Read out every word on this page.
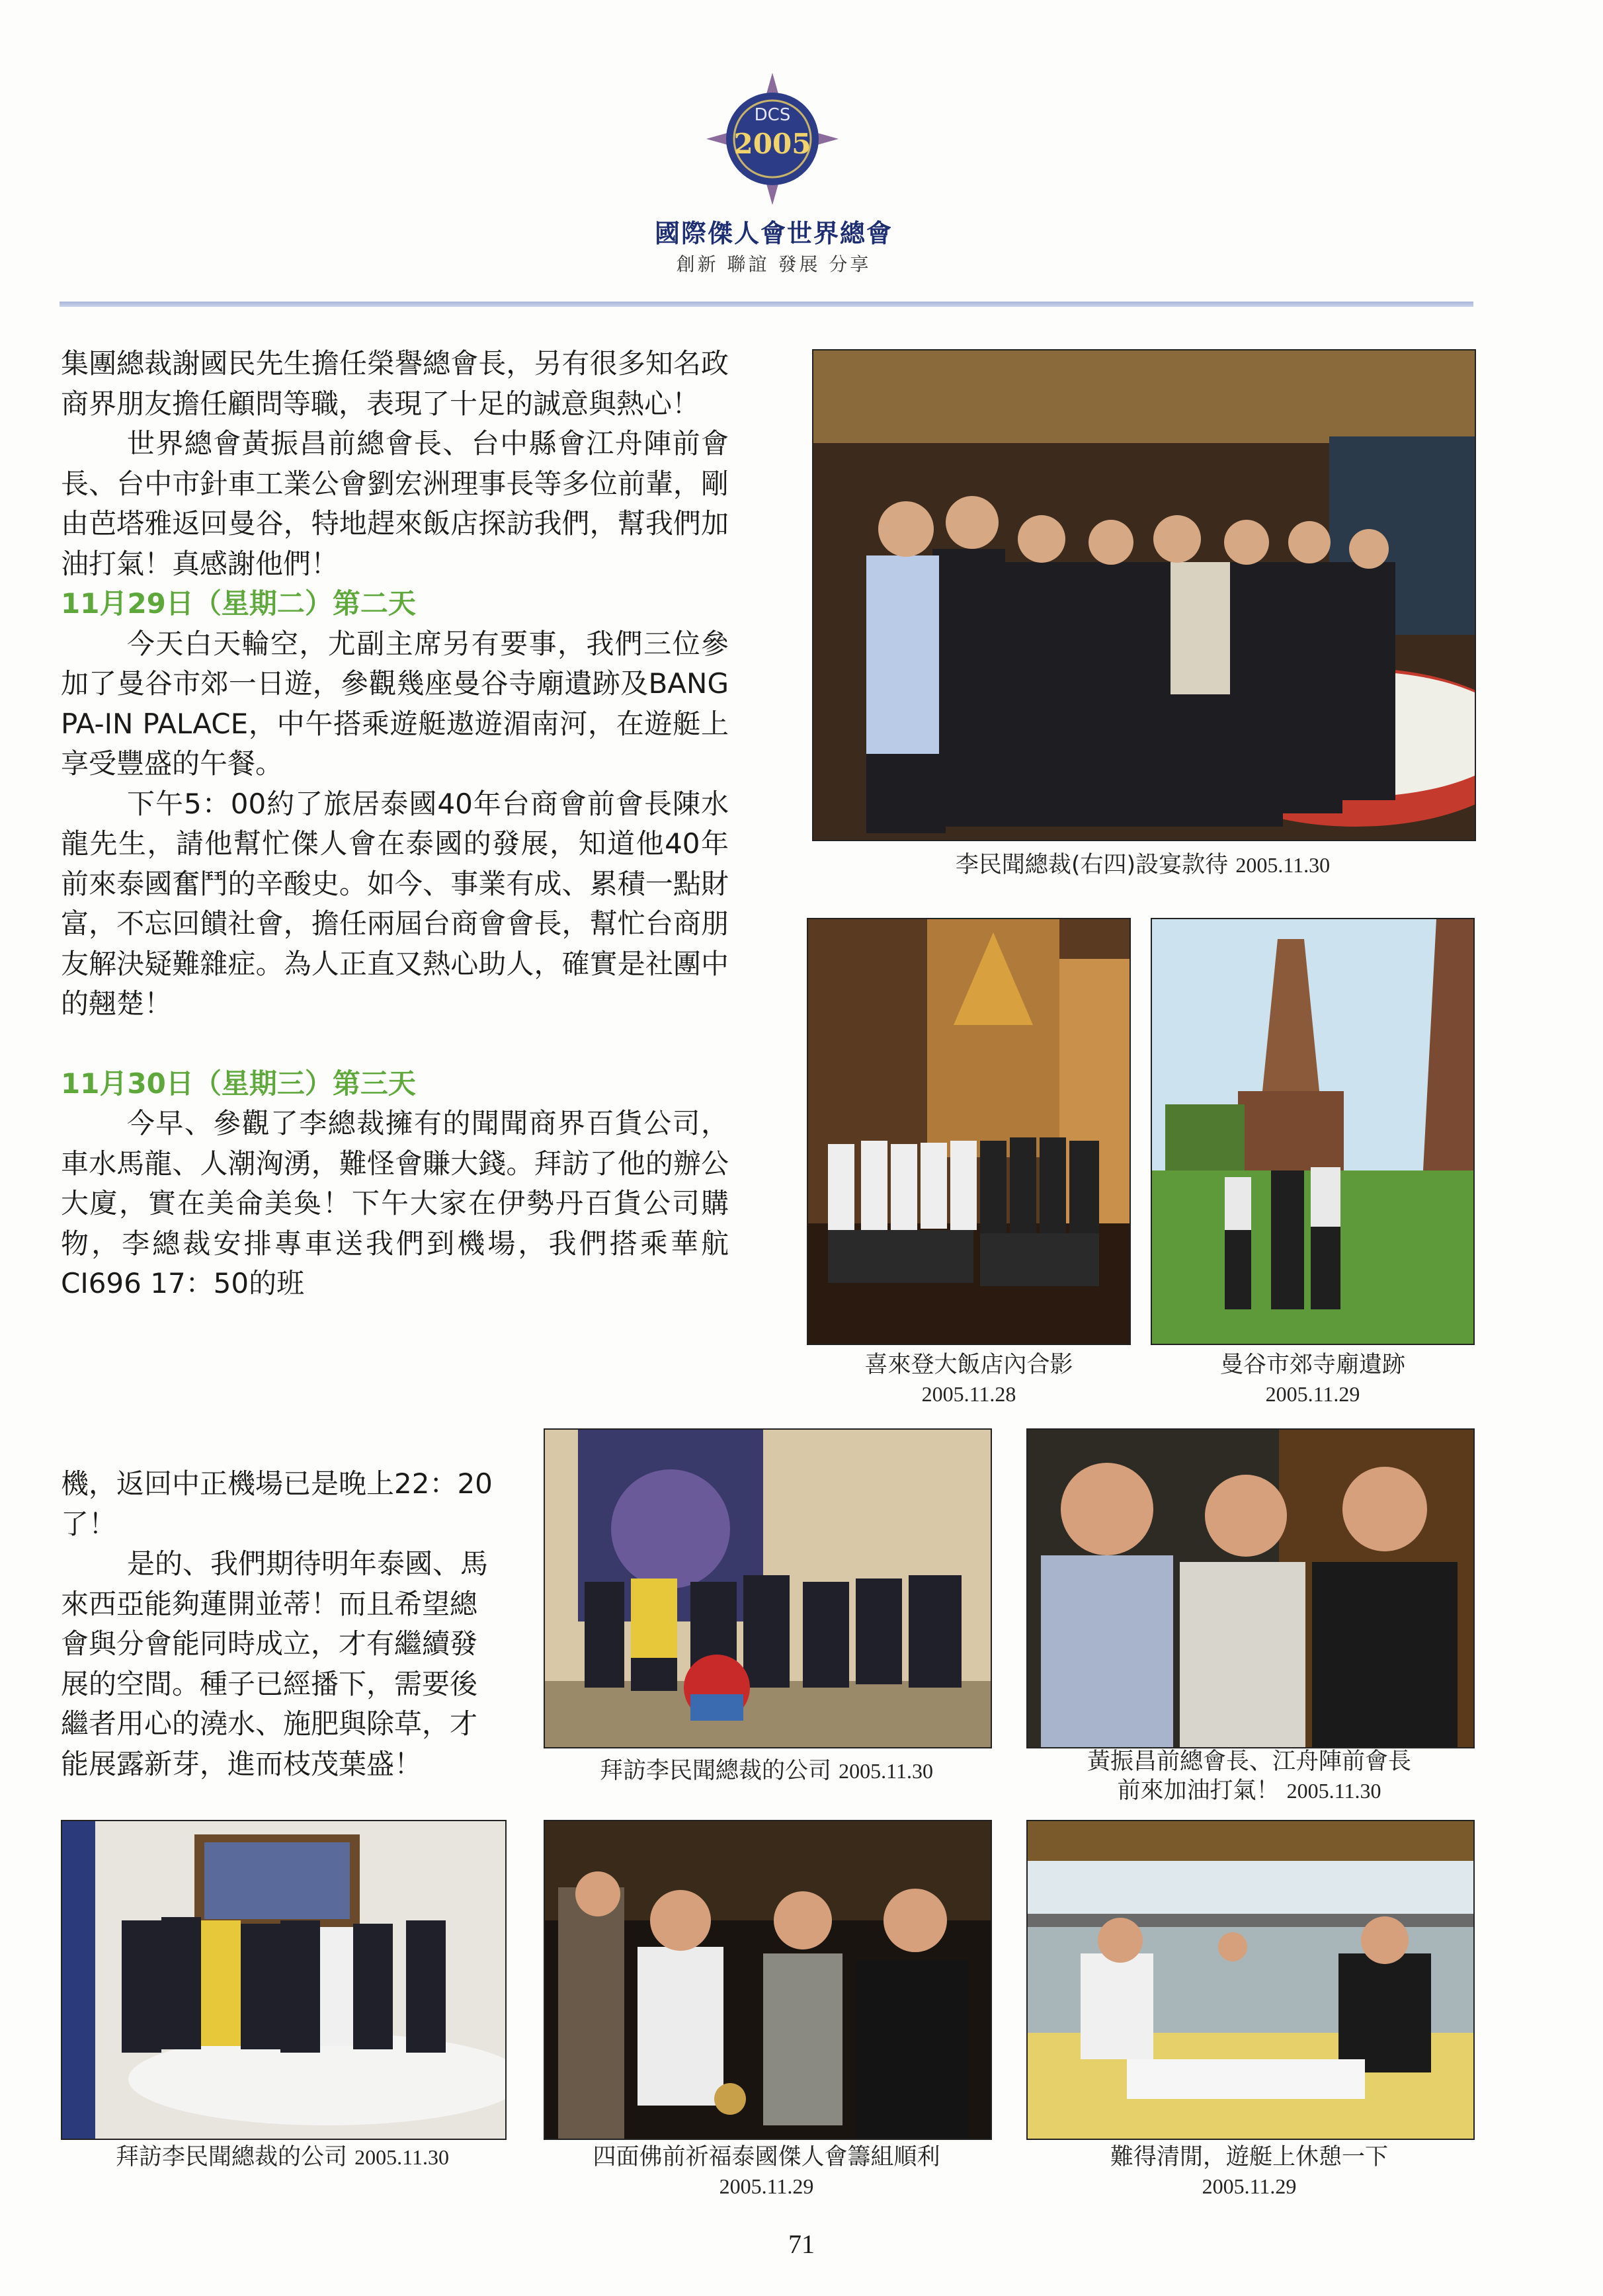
DCS
2005
國際傑人會世界總會
創新 聯誼 發展 分享

集團總裁謝國民先生擔任榮譽總會長，另有很多知名政商界朋友擔任顧問等職，表現了十足的誠意與熱心！

世界總會黃振昌前總會長、台中縣會江舟陣前會長、台中市針車工業公會劉宏洲理事長等多位前輩，剛由芭塔雅返回曼谷，特地趕來飯店探訪我們，幫我們加油打氣！真感謝他們！

11月29日（星期二）第二天

今天白天輪空，尤副主席另有要事，我們三位參加了曼谷市郊一日遊，參觀幾座曼谷寺廟遺跡及BANG PA-IN PALACE，中午搭乘遊艇遨遊湄南河，在遊艇上享受豐盛的午餐。

下午5：00約了旅居泰國40年台商會前會長陳水龍先生，請他幫忙傑人會在泰國的發展，知道他40年前來泰國奮鬥的辛酸史。如今、事業有成、累積一點財富，不忘回饋社會，擔任兩屆台商會會長，幫忙台商朋友解決疑難雜症。為人正直又熱心助人，確實是社團中的翹楚！

11月30日（星期三）第三天

今早、參觀了李總裁擁有的聞聞商界百貨公司，車水馬龍、人潮洶湧，難怪會賺大錢。拜訪了他的辦公大廈，實在美侖美奐！下午大家在伊勢丹百貨公司購物，李總裁安排專車送我們到機場，我們搭乘華航CI696 17：50的班

機，返回中正機場已是晚上22：20了！

是的、我們期待明年泰國、馬來西亞能夠蓮開並蒂！而且希望總會與分會能同時成立，才有繼續發展的空間。種子已經播下，需要後繼者用心的澆水、施肥與除草，才能展露新芽，進而枝茂葉盛！

李民聞總裁(右四)設宴款待 2005.11.30
喜來登大飯店內合影
2005.11.28
曼谷市郊寺廟遺跡
2005.11.29
拜訪李民聞總裁的公司 2005.11.30	黃振昌前總會長、江舟陣前會長
前來加油打氣！ 2005.11.30
拜訪李民聞總裁的公司 2005.11.30	四面佛前祈福泰國傑人會籌組順利
2005.11.29
難得清閒，遊艇上休憩一下
2005.11.29
71
